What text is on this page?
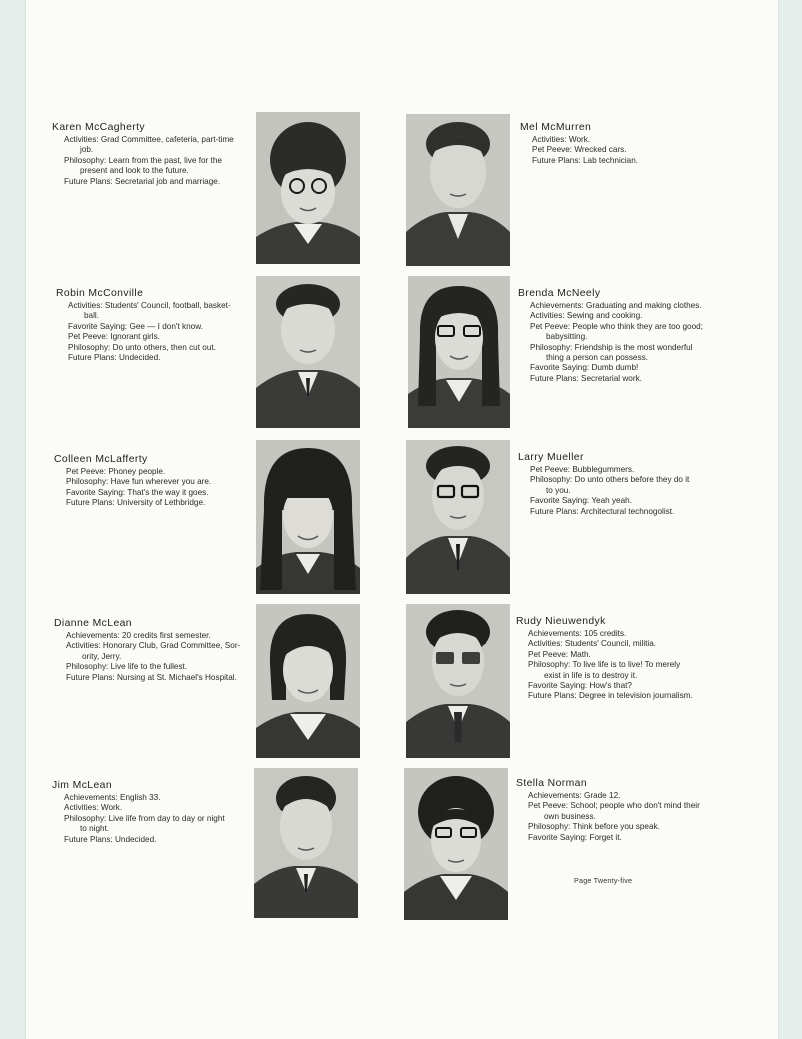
Karen McCagherty
Activities: Grad Committee, cafeteria, part-time
job.
Philosophy: Learn from the past, live for the
present and look to the future.
Future Plans: Secretarial job and marriage.
Mel McMurren
Activities: Work.
Pet Peeve: Wrecked cars.
Future Plans: Lab technician.
Robin McConville
Activities: Students' Council, football, basket-
ball.
Favorite Saying: Gee — I don't know.
Pet Peeve: Ignorant girls.
Philosophy: Do unto others, then cut out.
Future Plans: Undecided.
Brenda McNeely
Achievements: Graduating and making clothes.
Activities: Sewing and cooking.
Pet Peeve: People who think they are too good;
babysitting.
Philosophy: Friendship is the most wonderful
thing a person can possess.
Favorite Saying: Dumb dumb!
Future Plans: Secretarial work.
Colleen McLafferty
Pet Peeve: Phoney people.
Philosophy: Have fun wherever you are.
Favorite Saying: That's the way it goes.
Future Plans: University of Lethbridge.
Larry Mueller
Pet Peeve: Bubblegummers.
Philosophy: Do unto others before they do it
to you.
Favorite Saying: Yeah yeah.
Future Plans: Architectural technogolist.
Dianne McLean
Achievements: 20 credits first semester.
Activities: Honorary Club, Grad Committee, Sor-
ority, Jerry.
Philosophy: Live life to the fullest.
Future Plans: Nursing at St. Michael's Hospital.
Rudy Nieuwendyk
Achievements: 105 credits.
Activities: Students' Council, militia.
Pet Peeve: Math.
Philosophy: To live life is to live! To merely
exist in life is to destroy it.
Favorite Saying: How's that?
Future Plans: Degree in television journalism.
Jim McLean
Achievements: English 33.
Activities: Work.
Philosophy: Live life from day to day or night
to night.
Future Plans: Undecided.
Stella Norman
Achievements: Grade 12.
Pet Peeve: School; people who don't mind their
own business.
Philosophy: Think before you speak.
Favorite Saying: Forget it.
Page Twenty-five
